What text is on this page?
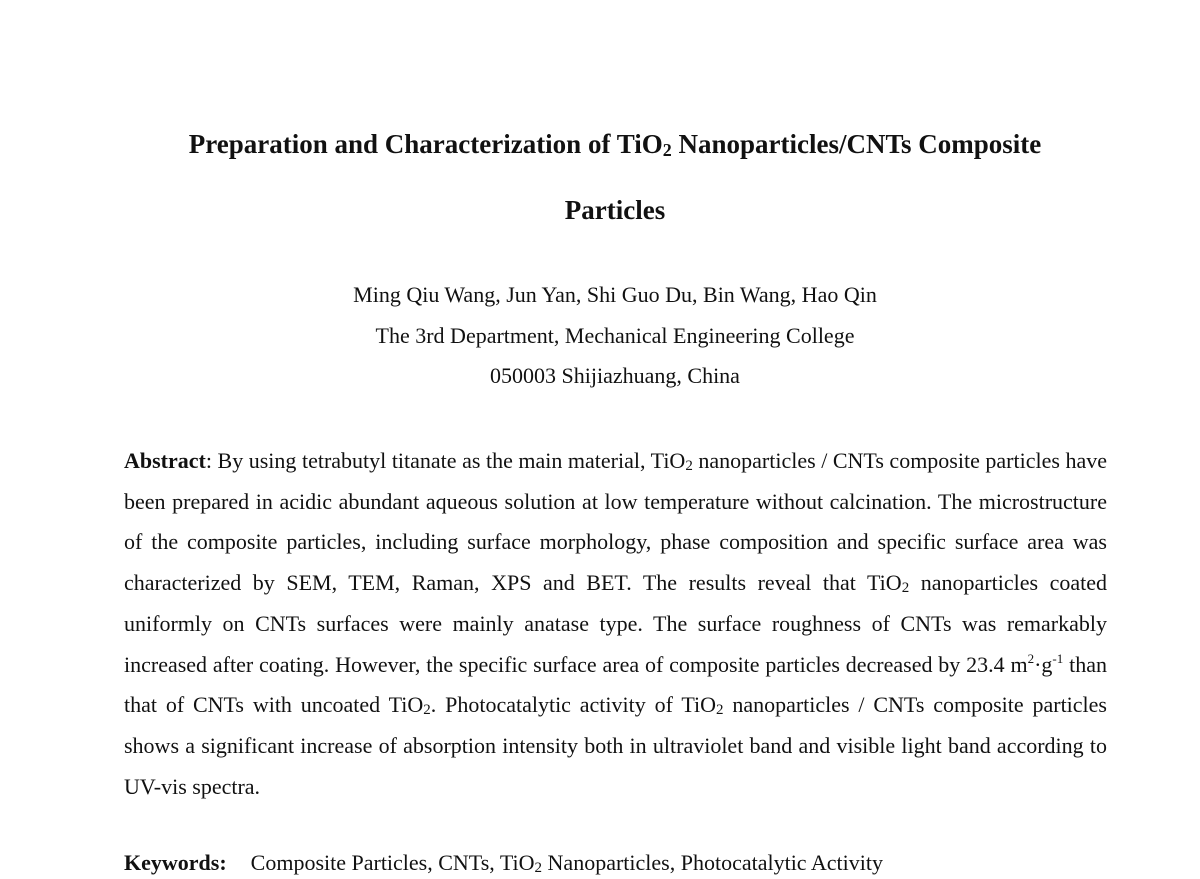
Preparation and Characterization of TiO$_2$ Nanoparticles/CNTs Composite
Particles

Ming Qiu Wang, Jun Yan, Shi Guo Du, Bin Wang, Hao Qin

The 3rd Department, Mechanical Engineering College

050003 Shijiazhuang, China

Abstract: By using tetrabutyl titanate as the main material, TiO$_2$ nanoparticles / CNTs composite particles have been prepared in acidic abundant aqueous solution at low temperature without calcination. The microstructure of the composite particles, including surface morphology, phase composition and specific surface area was characterized by SEM, TEM, Raman, XPS and BET. The results reveal that TiO$_2$ nanoparticles coated uniformly on CNTs surfaces were mainly anatase type. The surface roughness of CNTs was remarkably increased after coating. However, the specific surface area of composite particles decreased by 23.4 $m^2\cdot g^{-1}$ than that of CNTs with uncoated TiO$_2$. Photocatalytic activity of TiO$_2$ nanoparticles / CNTs composite particles shows a significant increase of absorption intensity both in ultraviolet band and visible light band according to UV-vis spectra.

Keywords: Composite Particles, CNTs, TiO$_2$ Nanoparticles, Photocatalytic Activity
